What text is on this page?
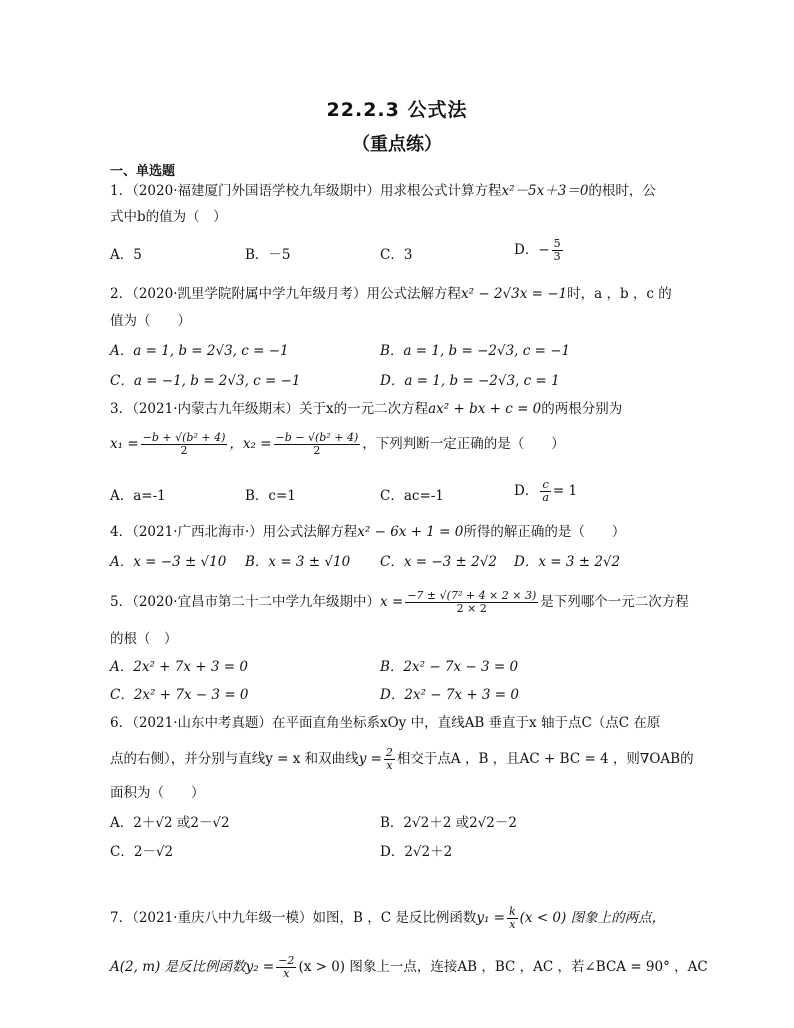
22.2.3 公式法
（重点练）
一、单选题
1．（2020·福建厦门外国语学校九年级期中）用求根公式计算方程x²－5x＋3＝0的根时，公
式中b的值为（　）
A．5	B．－5	C．3	D．− $\frac{5}{3}$
2．（2020·凯里学院附属中学九年级月考）用公式法解方程x² − 2√3x = −1时，a ，b ，c 的
值为（　　）
A．a = 1, b = 2√3, c = −1	B．a = 1, b = −2√3, c = −1
C．a = −1, b = 2√3, c = −1	D．a = 1, b = −2√3, c = 1
3．（2021·内蒙古九年级期末）关于x的一元二次方程ax² + bx + c = 0的两根分别为
$x_1 = \frac{\text{−b + √(b² + 4)}}{2}$ ，$x_2 = \frac{\text{−b − √(b² + 4)}}{2}$ ，下列判断一定正确的是（　　）
A．a=-1	B．c=1	C．ac=-1	D． $\frac{c}{a} = 1$
4．（2021·广西北海市·）用公式法解方程x² − 6x + 1 = 0所得的解正确的是（　　）
A．x = −3 ± √10 B．x = 3 ± √10 C．x = −3 ± 2√2 D．x = 3 ± 2√2
5．（2020·宜昌市第二十二中学九年级期中）$x = \frac{\text{−7 ± √(7² + 4 × 2 × 3)}}{2 \times 2}$ 是下列哪个一元二次方程
的根（　）
A．2x² + 7x + 3 = 0	B．2x² − 7x − 3 = 0
C．2x² + 7x − 3 = 0	D．2x² − 7x + 3 = 0
6．（2021·山东中考真题）在平面直角坐标系xOy 中，直线AB 垂直于x 轴于点C（点C 在原
点的右侧），并分别与直线y = x 和双曲线$y = \frac{2}{x}$ 相交于点A ，B ，且AC + BC = 4 ，则∇OAB的
面积为（　　）
A．2＋√2 或2－√2	B．2√2＋2 或2√2－2
C．2－√2	D．2√2＋2
7．（2021·重庆八中九年级一模）如图，B ，C 是反比例函数$y_1 = \frac{k}{x} (x < 0)$ 图象上的两点，
A(2, m) 是反比例函数$y_2 = \frac{-2}{x} (x > 0)$ 图象上一点，连接AB ，BC ，AC ，若∠BCA = 90° ，AC
